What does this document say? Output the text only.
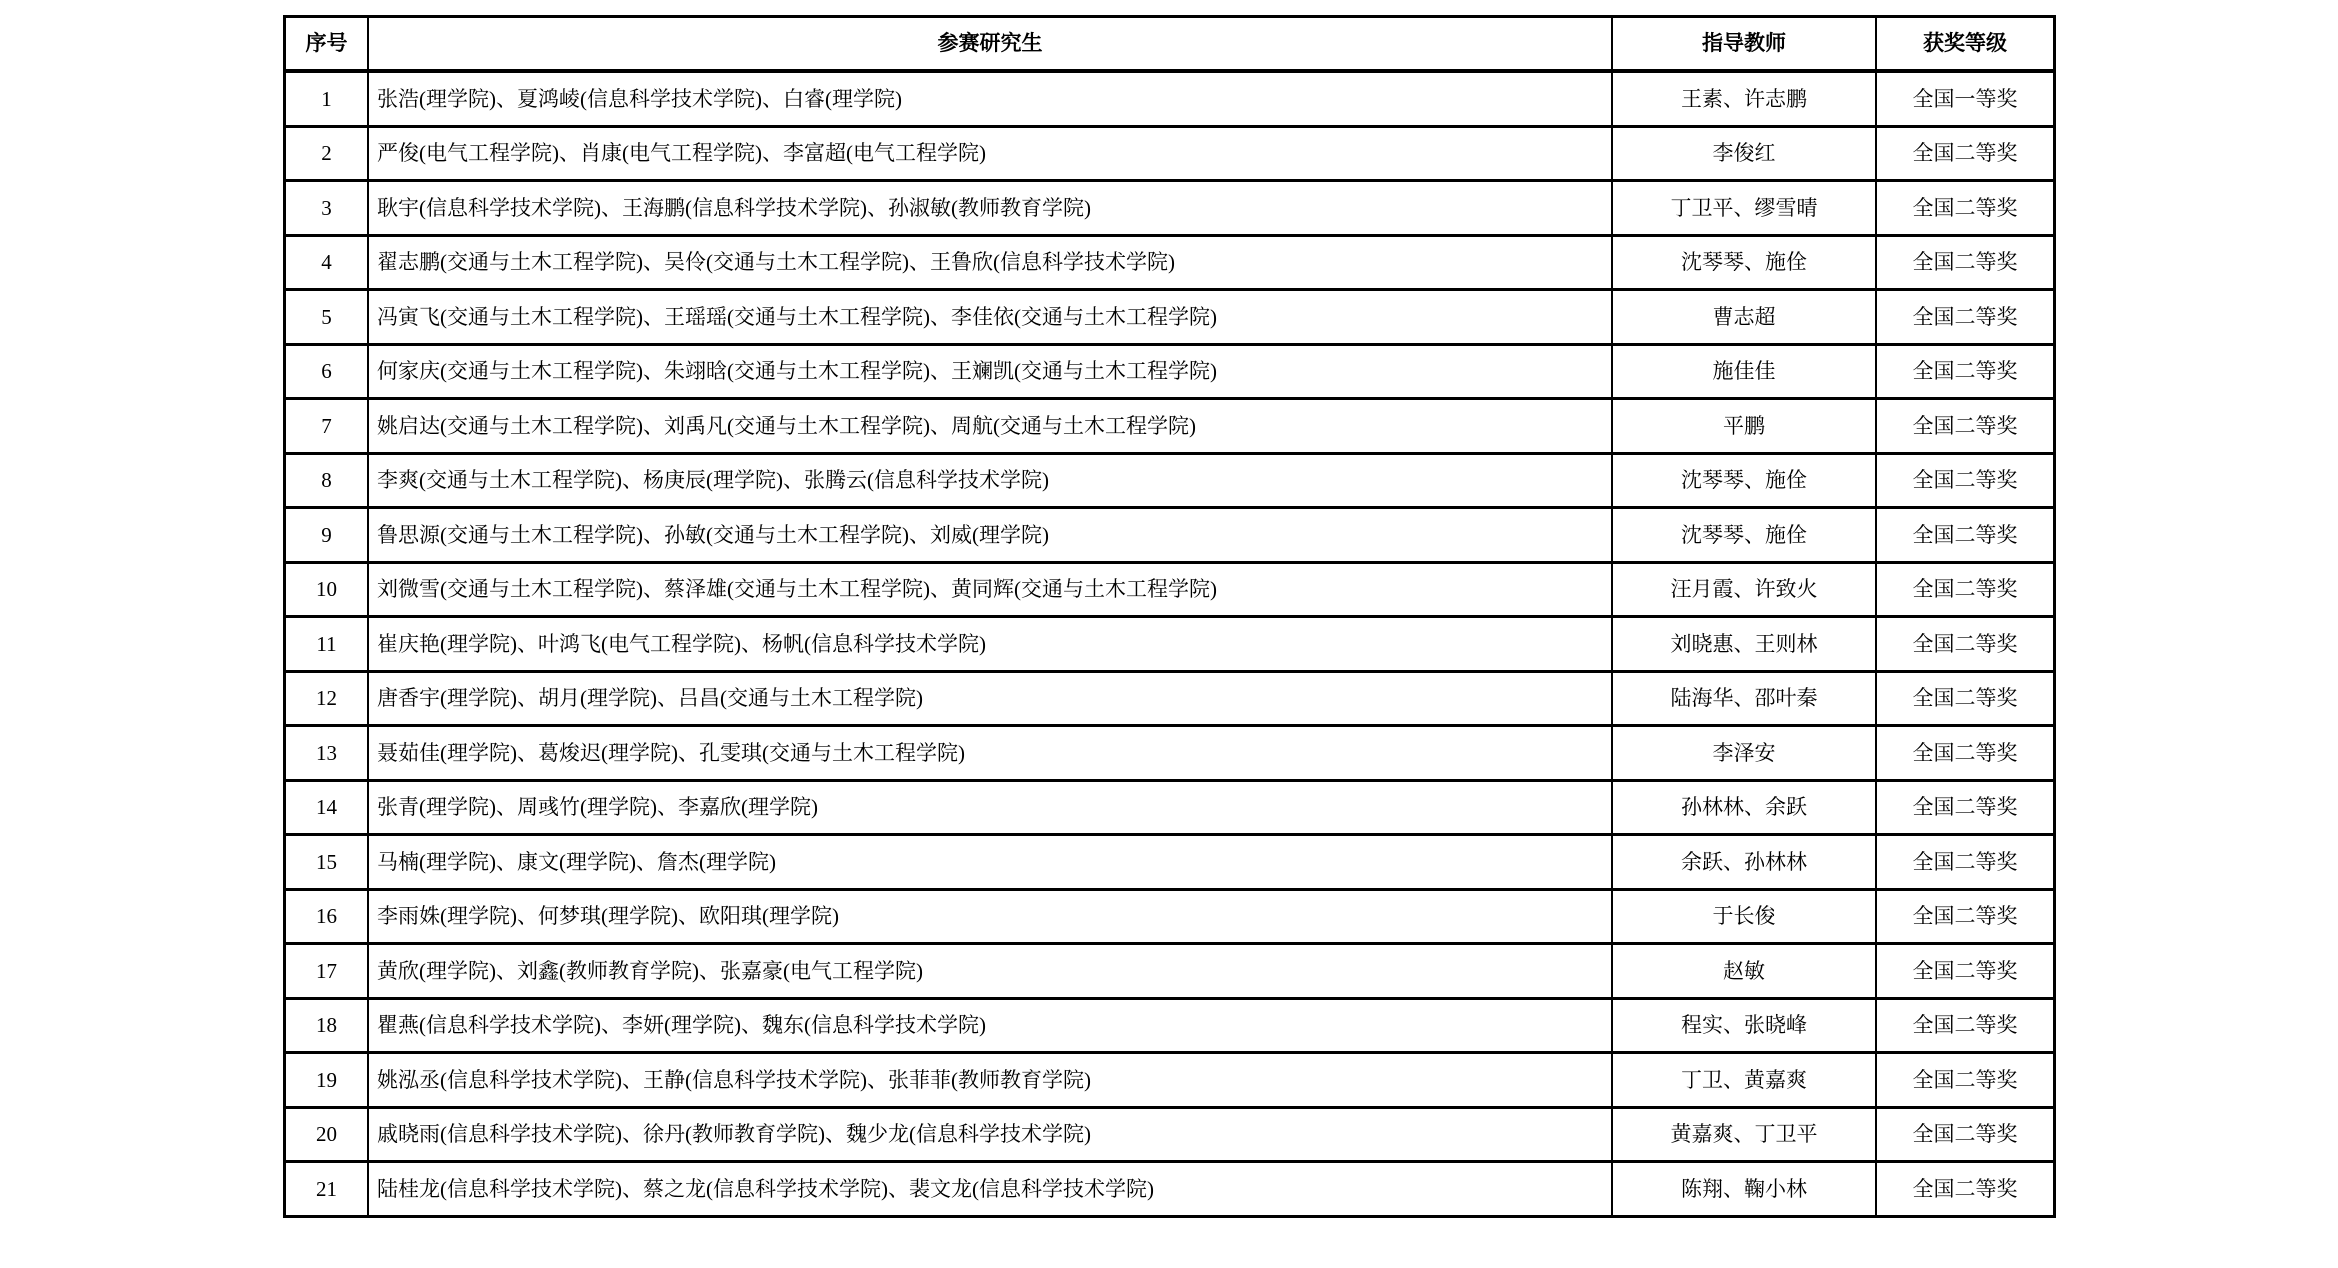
序号	参赛研究生	指导教师	获奖等级
1	张浩(理学院)、夏鸿崚(信息科学技术学院)、白睿(理学院)	王素、许志鹏	全国一等奖
2	严俊(电气工程学院)、肖康(电气工程学院)、李富超(电气工程学院)	李俊红	全国二等奖
3	耿宇(信息科学技术学院)、王海鹏(信息科学技术学院)、孙淑敏(教师教育学院)	丁卫平、缪雪晴	全国二等奖
4	翟志鹏(交通与土木工程学院)、吴伶(交通与土木工程学院)、王鲁欣(信息科学技术学院)	沈琴琴、施佺	全国二等奖
5	冯寅飞(交通与土木工程学院)、王瑶瑶(交通与土木工程学院)、李佳依(交通与土木工程学院)	曹志超	全国二等奖
6	何家庆(交通与土木工程学院)、朱翊晗(交通与土木工程学院)、王斓凯(交通与土木工程学院)	施佳佳	全国二等奖
7	姚启达(交通与土木工程学院)、刘禹凡(交通与土木工程学院)、周航(交通与土木工程学院)	平鹏	全国二等奖
8	李爽(交通与土木工程学院)、杨庚辰(理学院)、张腾云(信息科学技术学院)	沈琴琴、施佺	全国二等奖
9	鲁思源(交通与土木工程学院)、孙敏(交通与土木工程学院)、刘威(理学院)	沈琴琴、施佺	全国二等奖
10	刘微雪(交通与土木工程学院)、蔡泽雄(交通与土木工程学院)、黄同辉(交通与土木工程学院)	汪月霞、许致火	全国二等奖
11	崔庆艳(理学院)、叶鸿飞(电气工程学院)、杨帆(信息科学技术学院)	刘晓惠、王则林	全国二等奖
12	唐香宇(理学院)、胡月(理学院)、吕昌(交通与土木工程学院)	陆海华、邵叶秦	全国二等奖
13	聂茹佳(理学院)、葛焌迟(理学院)、孔雯琪(交通与土木工程学院)	李泽安	全国二等奖
14	张青(理学院)、周彧竹(理学院)、李嘉欣(理学院)	孙林林、余跃	全国二等奖
15	马楠(理学院)、康文(理学院)、詹杰(理学院)	余跃、孙林林	全国二等奖
16	李雨姝(理学院)、何梦琪(理学院)、欧阳琪(理学院)	于长俊	全国二等奖
17	黄欣(理学院)、刘鑫(教师教育学院)、张嘉豪(电气工程学院)	赵敏	全国二等奖
18	瞿燕(信息科学技术学院)、李妍(理学院)、魏东(信息科学技术学院)	程实、张晓峰	全国二等奖
19	姚泓丞(信息科学技术学院)、王静(信息科学技术学院)、张菲菲(教师教育学院)	丁卫、黄嘉爽	全国二等奖
20	戚晓雨(信息科学技术学院)、徐丹(教师教育学院)、魏少龙(信息科学技术学院)	黄嘉爽、丁卫平	全国二等奖
21	陆桂龙(信息科学技术学院)、蔡之龙(信息科学技术学院)、裴文龙(信息科学技术学院)	陈翔、鞠小林	全国二等奖
